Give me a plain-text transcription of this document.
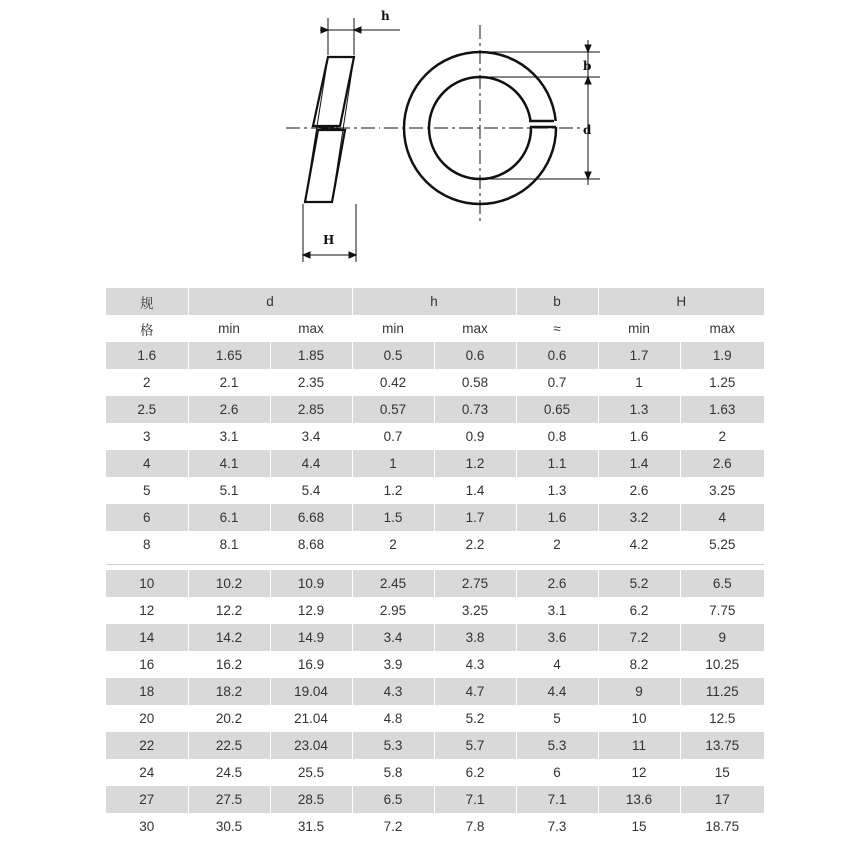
h
b
d
H
规	d		h		b	H	
格	min	max	min	max	≈	min	max
1.6	1.65	1.85	0.5	0.6	0.6	1.7	1.9
2	2.1	2.35	0.42	0.58	0.7	1	1.25
2.5	2.6	2.85	0.57	0.73	0.65	1.3	1.63
3	3.1	3.4	0.7	0.9	0.8	1.6	2
4	4.1	4.4	1	1.2	1.1	1.4	2.6
5	5.1	5.4	1.2	1.4	1.3	2.6	3.25
6	6.1	6.68	1.5	1.7	1.6	3.2	4
8	8.1	8.68	2	2.2	2	4.2	5.25

10	10.2	10.9	2.45	2.75	2.6	5.2	6.5
12	12.2	12.9	2.95	3.25	3.1	6.2	7.75
14	14.2	14.9	3.4	3.8	3.6	7.2	9
16	16.2	16.9	3.9	4.3	4	8.2	10.25
18	18.2	19.04	4.3	4.7	4.4	9	11.25
20	20.2	21.04	4.8	5.2	5	10	12.5
22	22.5	23.04	5.3	5.7	5.3	11	13.75
24	24.5	25.5	5.8	6.2	6	12	15
27	27.5	28.5	6.5	7.1	7.1	13.6	17
30	30.5	31.5	7.2	7.8	7.3	15	18.75
